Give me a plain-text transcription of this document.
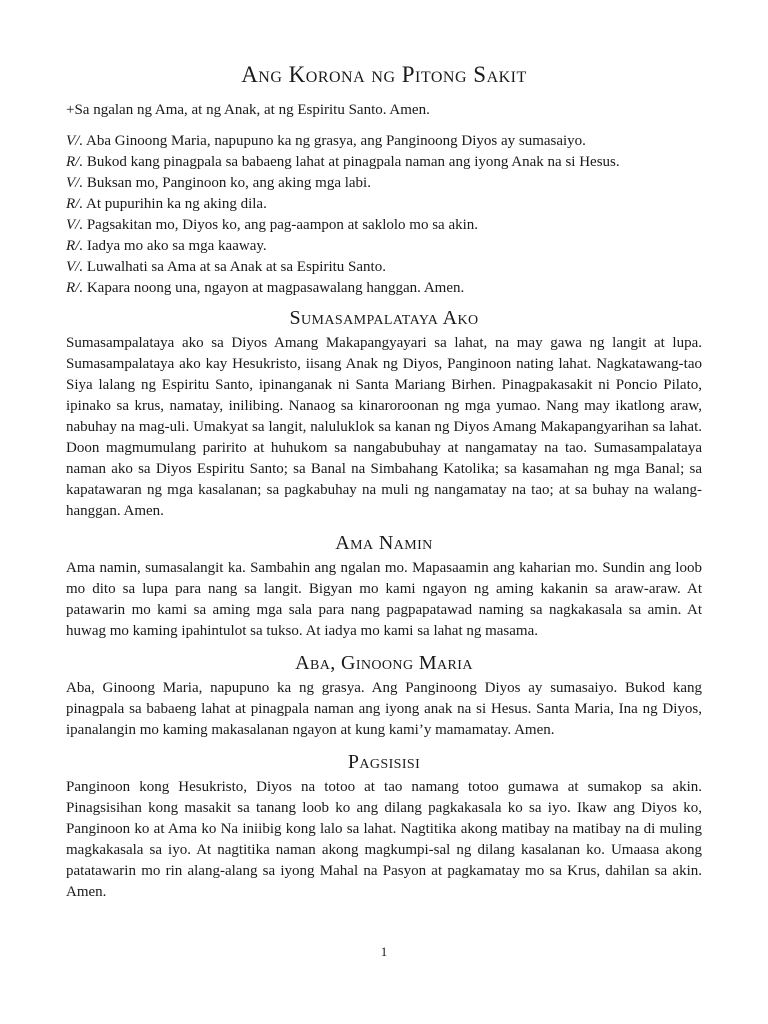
Ang Korona ng Pitong Sakit

+Sa ngalan ng Ama, at ng Anak, at ng Espiritu Santo. Amen.

V/. Aba Ginoong Maria, napupuno ka ng grasya, ang Panginoong Diyos ay sumasaiyo.
R/. Bukod kang pinagpala sa babaeng lahat at pinagpala naman ang iyong Anak na si Hesus.
V/. Buksan mo, Panginoon ko, ang aking mga labi.
R/. At pupurihin ka ng aking dila.
V/. Pagsakitan mo, Diyos ko, ang pag-aampon at saklolo mo sa akin.
R/. Iadya mo ako sa mga kaaway.
V/. Luwalhati sa Ama at sa Anak at sa Espiritu Santo.
R/. Kapara noong una, ngayon at magpasawalang hanggan. Amen.
Sumasampalataya Ako

Sumasampalataya ako sa Diyos Amang Makapangyayari sa lahat, na may gawa ng langit at lupa. Sumasampalataya ako kay Hesukristo, iisang Anak ng Diyos, Panginoon nating lahat. Nagkatawang-tao Siya lalang ng Espiritu Santo, ipinanganak ni Santa Mariang Birhen. Pinagpakasakit ni Poncio Pilato, ipinako sa krus, namatay, inilibing. Nanaog sa kinaroroonan ng mga yumao. Nang may ikatlong araw, nabuhay na mag-uli. Umakyat sa langit, naluluklok sa kanan ng Diyos Amang Makapangyarihan sa lahat. Doon magmumulang paririto at huhukom sa nangabubuhay at nangamatay na tao. Sumasampalataya naman ako sa Diyos Espiritu Santo; sa Banal na Simbahang Katolika; sa kasamahan ng mga Banal; sa kapatawaran ng mga kasalanan; sa pagkabuhay na muli ng nangamatay na tao; at sa buhay na walang-hanggan. Amen.

Ama Namin

Ama namin, sumasalangit ka. Sambahin ang ngalan mo. Mapasaamin ang kaharian mo. Sundin ang loob mo dito sa lupa para nang sa langit. Bigyan mo kami ngayon ng aming kakanin sa araw-araw. At patawarin mo kami sa aming mga sala para nang pagpapatawad naming sa nagkakasala sa amin. At huwag mo kaming ipahintulot sa tukso. At iadya mo kami sa lahat ng masama.

Aba, Ginoong Maria

Aba, Ginoong Maria, napupuno ka ng grasya. Ang Panginoong Diyos ay sumasaiyo. Bukod kang pinagpala sa babaeng lahat at pinagpala naman ang iyong anak na si Hesus. Santa Maria, Ina ng Diyos, ipanalangin mo kaming makasalanan ngayon at kung kami’y mamamatay. Amen.

Pagsisisi

Panginoon kong Hesukristo, Diyos na totoo at tao namang totoo gumawa at sumakop sa akin. Pinagsisihan kong masakit sa tanang loob ko ang dilang pagkakasala ko sa iyo. Ikaw ang Diyos ko, Panginoon ko at Ama ko Na iniibig kong lalo sa lahat. Nagtitika akong matibay na matibay na di muling magkakasala sa iyo. At nagtitika naman akong magkumpi-sal ng dilang kasalanan ko. Umaasa akong patatawarin mo rin alang-alang sa iyong Mahal na Pasyon at pagkamatay mo sa Krus, dahilan sa akin. Amen.

1
